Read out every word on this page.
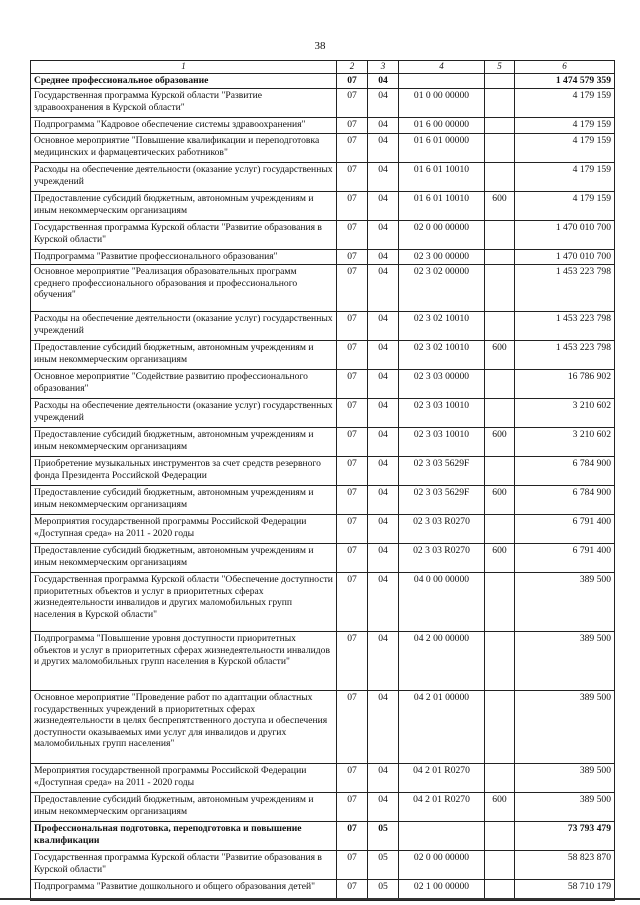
38
1	2	3	4	5	6
Среднее профессиональное образование	07	04			1 474 579 359
Государственная программа Курской области "Развитие здравоохранения в Курской области"	07	04	01 0 00 00000		4 179 159
Подпрограмма "Кадровое обеспечение системы здравоохранения"	07	04	01 6 00 00000		4 179 159
Основное мероприятие "Повышение квалификации и переподготовка медицинских и фармацевтических работников"	07	04	01 6 01 00000		4 179 159
Расходы на обеспечение деятельности (оказание услуг) государственных учреждений	07	04	01 6 01 10010		4 179 159
Предоставление субсидий бюджетным, автономным учреждениям и иным некоммерческим организациям	07	04	01 6 01 10010	600	4 179 159
Государственная программа Курской области "Развитие образования в Курской области"	07	04	02 0 00 00000		1 470 010 700
Подпрограмма "Развитие профессионального образования"	07	04	02 3 00 00000		1 470 010 700
Основное мероприятие "Реализация образовательных программ среднего профессионального образования и профессионального обучения"	07	04	02 3 02 00000		1 453 223 798
Расходы на обеспечение деятельности (оказание услуг) государственных учреждений	07	04	02 3 02 10010		1 453 223 798
Предоставление субсидий бюджетным, автономным учреждениям и иным некоммерческим организациям	07	04	02 3 02 10010	600	1 453 223 798
Основное мероприятие "Содействие развитию профессионального образования"	07	04	02 3 03 00000		16 786 902
Расходы на обеспечение деятельности (оказание услуг) государственных учреждений	07	04	02 3 03 10010		3 210 602
Предоставление субсидий бюджетным, автономным учреждениям и иным некоммерческим организациям	07	04	02 3 03 10010	600	3 210 602
Приобретение музыкальных инструментов за счет средств резервного фонда Президента Российской Федерации	07	04	02 3 03 5629F		6 784 900
Предоставление субсидий бюджетным, автономным учреждениям и иным некоммерческим организациям	07	04	02 3 03 5629F	600	6 784 900
Мероприятия государственной программы Российской Федерации «Доступная среда» на 2011 - 2020 годы	07	04	02 3 03 R0270		6 791 400
Предоставление субсидий бюджетным, автономным учреждениям и иным некоммерческим организациям	07	04	02 3 03 R0270	600	6 791 400
Государственная программа Курской области "Обеспечение доступности приоритетных объектов и услуг в приоритетных сферах жизнедеятельности инвалидов и других маломобильных групп населения в Курской области"	07	04	04 0 00 00000		389 500
Подпрограмма "Повышение уровня доступности приоритетных объектов и услуг в приоритетных сферах жизнедеятельности инвалидов и других маломобильных групп населения в Курской области"	07	04	04 2 00 00000		389 500
Основное мероприятие "Проведение работ по адаптации областных государственных учреждений в приоритетных сферах жизнедеятельности в целях беспрепятственного доступа и обеспечения доступности оказываемых ими услуг для инвалидов и других маломобильных групп населения"	07	04	04 2 01 00000		389 500
Мероприятия государственной программы Российской Федерации «Доступная среда» на 2011 - 2020 годы	07	04	04 2 01 R0270		389 500
Предоставление субсидий бюджетным, автономным учреждениям и иным некоммерческим организациям	07	04	04 2 01 R0270	600	389 500
Профессиональная подготовка, переподготовка и повышение квалификации	07	05			73 793 479
Государственная программа Курской области "Развитие образования в Курской области"	07	05	02 0 00 00000		58 823 870
Подпрограмма "Развитие дошкольного и общего образования детей"	07	05	02 1 00 00000		58 710 179
